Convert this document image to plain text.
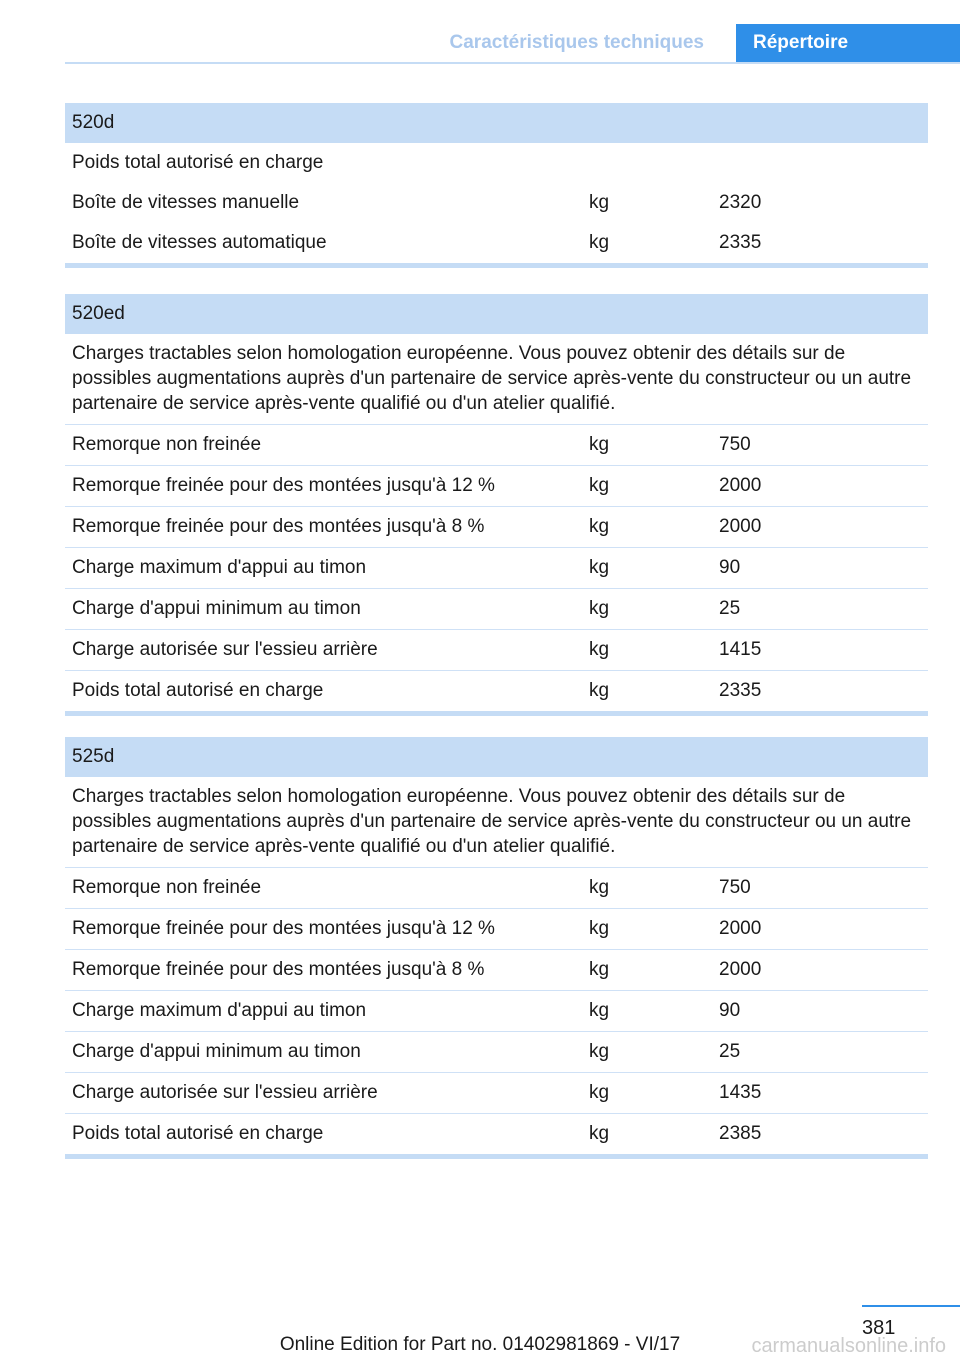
Caractéristiques techniques	Répertoire
520d
Poids total autorisé en charge
Boîte de vitesses manuelle	kg	2320
Boîte de vitesses automatique	kg	2335
520ed
Charges tractables selon homologation européenne. Vous pouvez obtenir des détails sur de possibles augmentations auprès d'un partenaire de service après-vente du constructeur ou un autre partenaire de service après-vente qualifié ou d'un atelier qualifié.
Remorque non freinée	kg	750
Remorque freinée pour des montées jusqu'à 12 %	kg	2000
Remorque freinée pour des montées jusqu'à 8 %	kg	2000
Charge maximum d'appui au timon	kg	90
Charge d'appui minimum au timon	kg	25
Charge autorisée sur l'essieu arrière	kg	1415
Poids total autorisé en charge	kg	2335
525d
Charges tractables selon homologation européenne. Vous pouvez obtenir des détails sur de possibles augmentations auprès d'un partenaire de service après-vente du constructeur ou un autre partenaire de service après-vente qualifié ou d'un atelier qualifié.
Remorque non freinée	kg	750
Remorque freinée pour des montées jusqu'à 12 %	kg	2000
Remorque freinée pour des montées jusqu'à 8 %	kg	2000
Charge maximum d'appui au timon	kg	90
Charge d'appui minimum au timon	kg	25
Charge autorisée sur l'essieu arrière	kg	1435
Poids total autorisé en charge	kg	2385
381
Online Edition for Part no. 01402981869 - VI/17	carmanualsonline.info
